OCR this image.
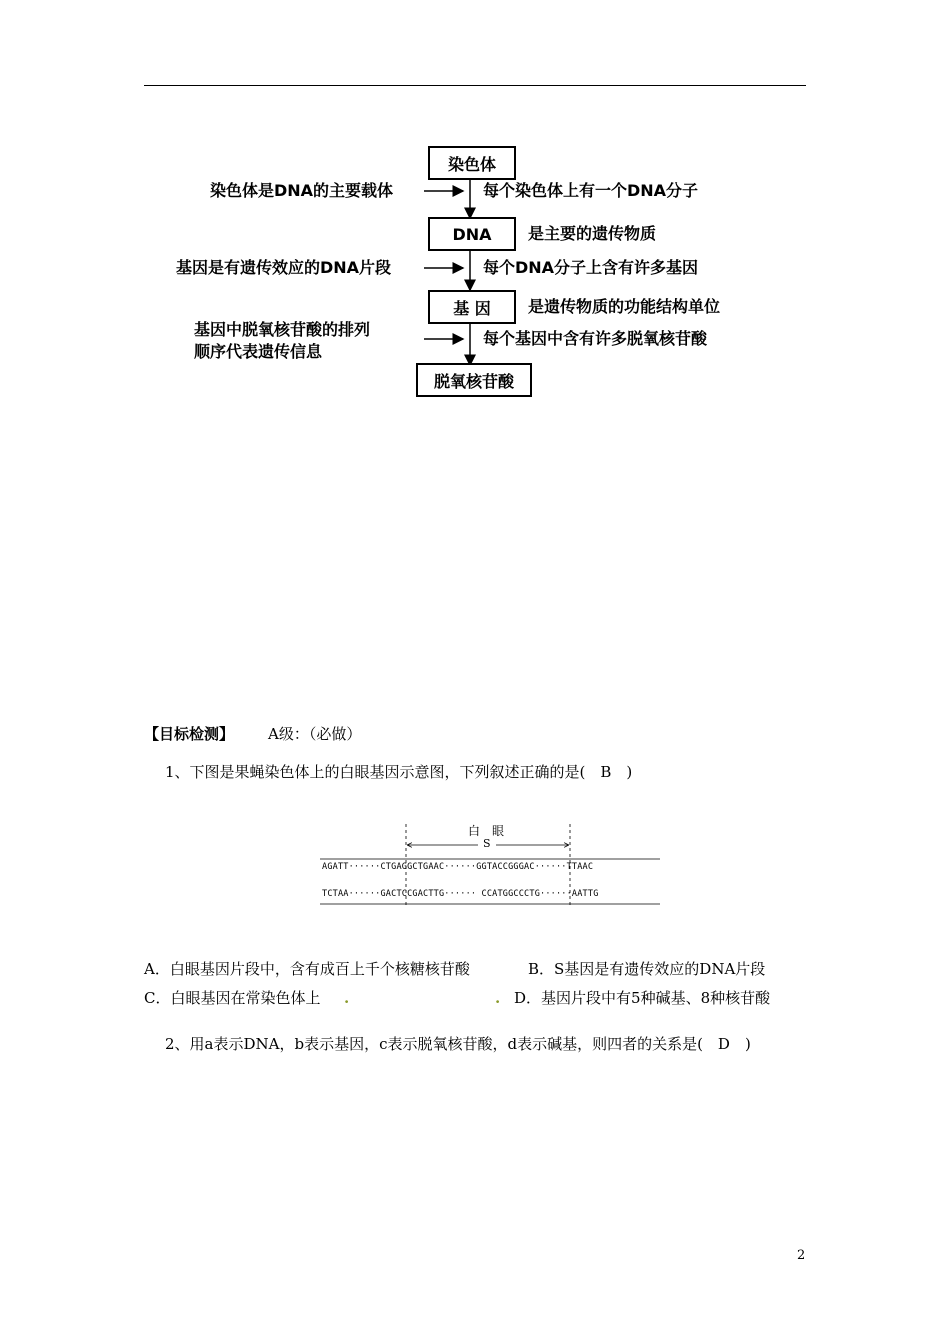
染色体
DNA
基 因
脱氧核苷酸
染色体是DNA的主要载体
基因是有遗传效应的DNA片段
基因中脱氧核苷酸的排列
顺序代表遗传信息
每个染色体上有一个DNA分子
是主要的遗传物质
每个DNA分子上含有许多基因
是遗传物质的功能结构单位
每个基因中含有许多脱氧核苷酸
【目标检测】 A级：（必做）
1、下图是果蝇染色体上的白眼基因示意图，下列叙述正确的是(　B　)
白　眼
S
AGATT······CTGAGGCTGAAC······GGTACCGGGAC······TTAAC
TCTAA······GACTCCGACTTG······ CCATGGCCCTG······AATTG
A．白眼基因片段中，含有成百上千个核糖核苷酸	B．S基因是有遗传效应的DNA片段
C．白眼基因在常染色体上 .	. D．基因片段中有5种碱基、8种核苷酸
2、用a表示DNA，b表示基因，c表示脱氧核苷酸，d表示碱基，则四者的关系是(　D　)
2
